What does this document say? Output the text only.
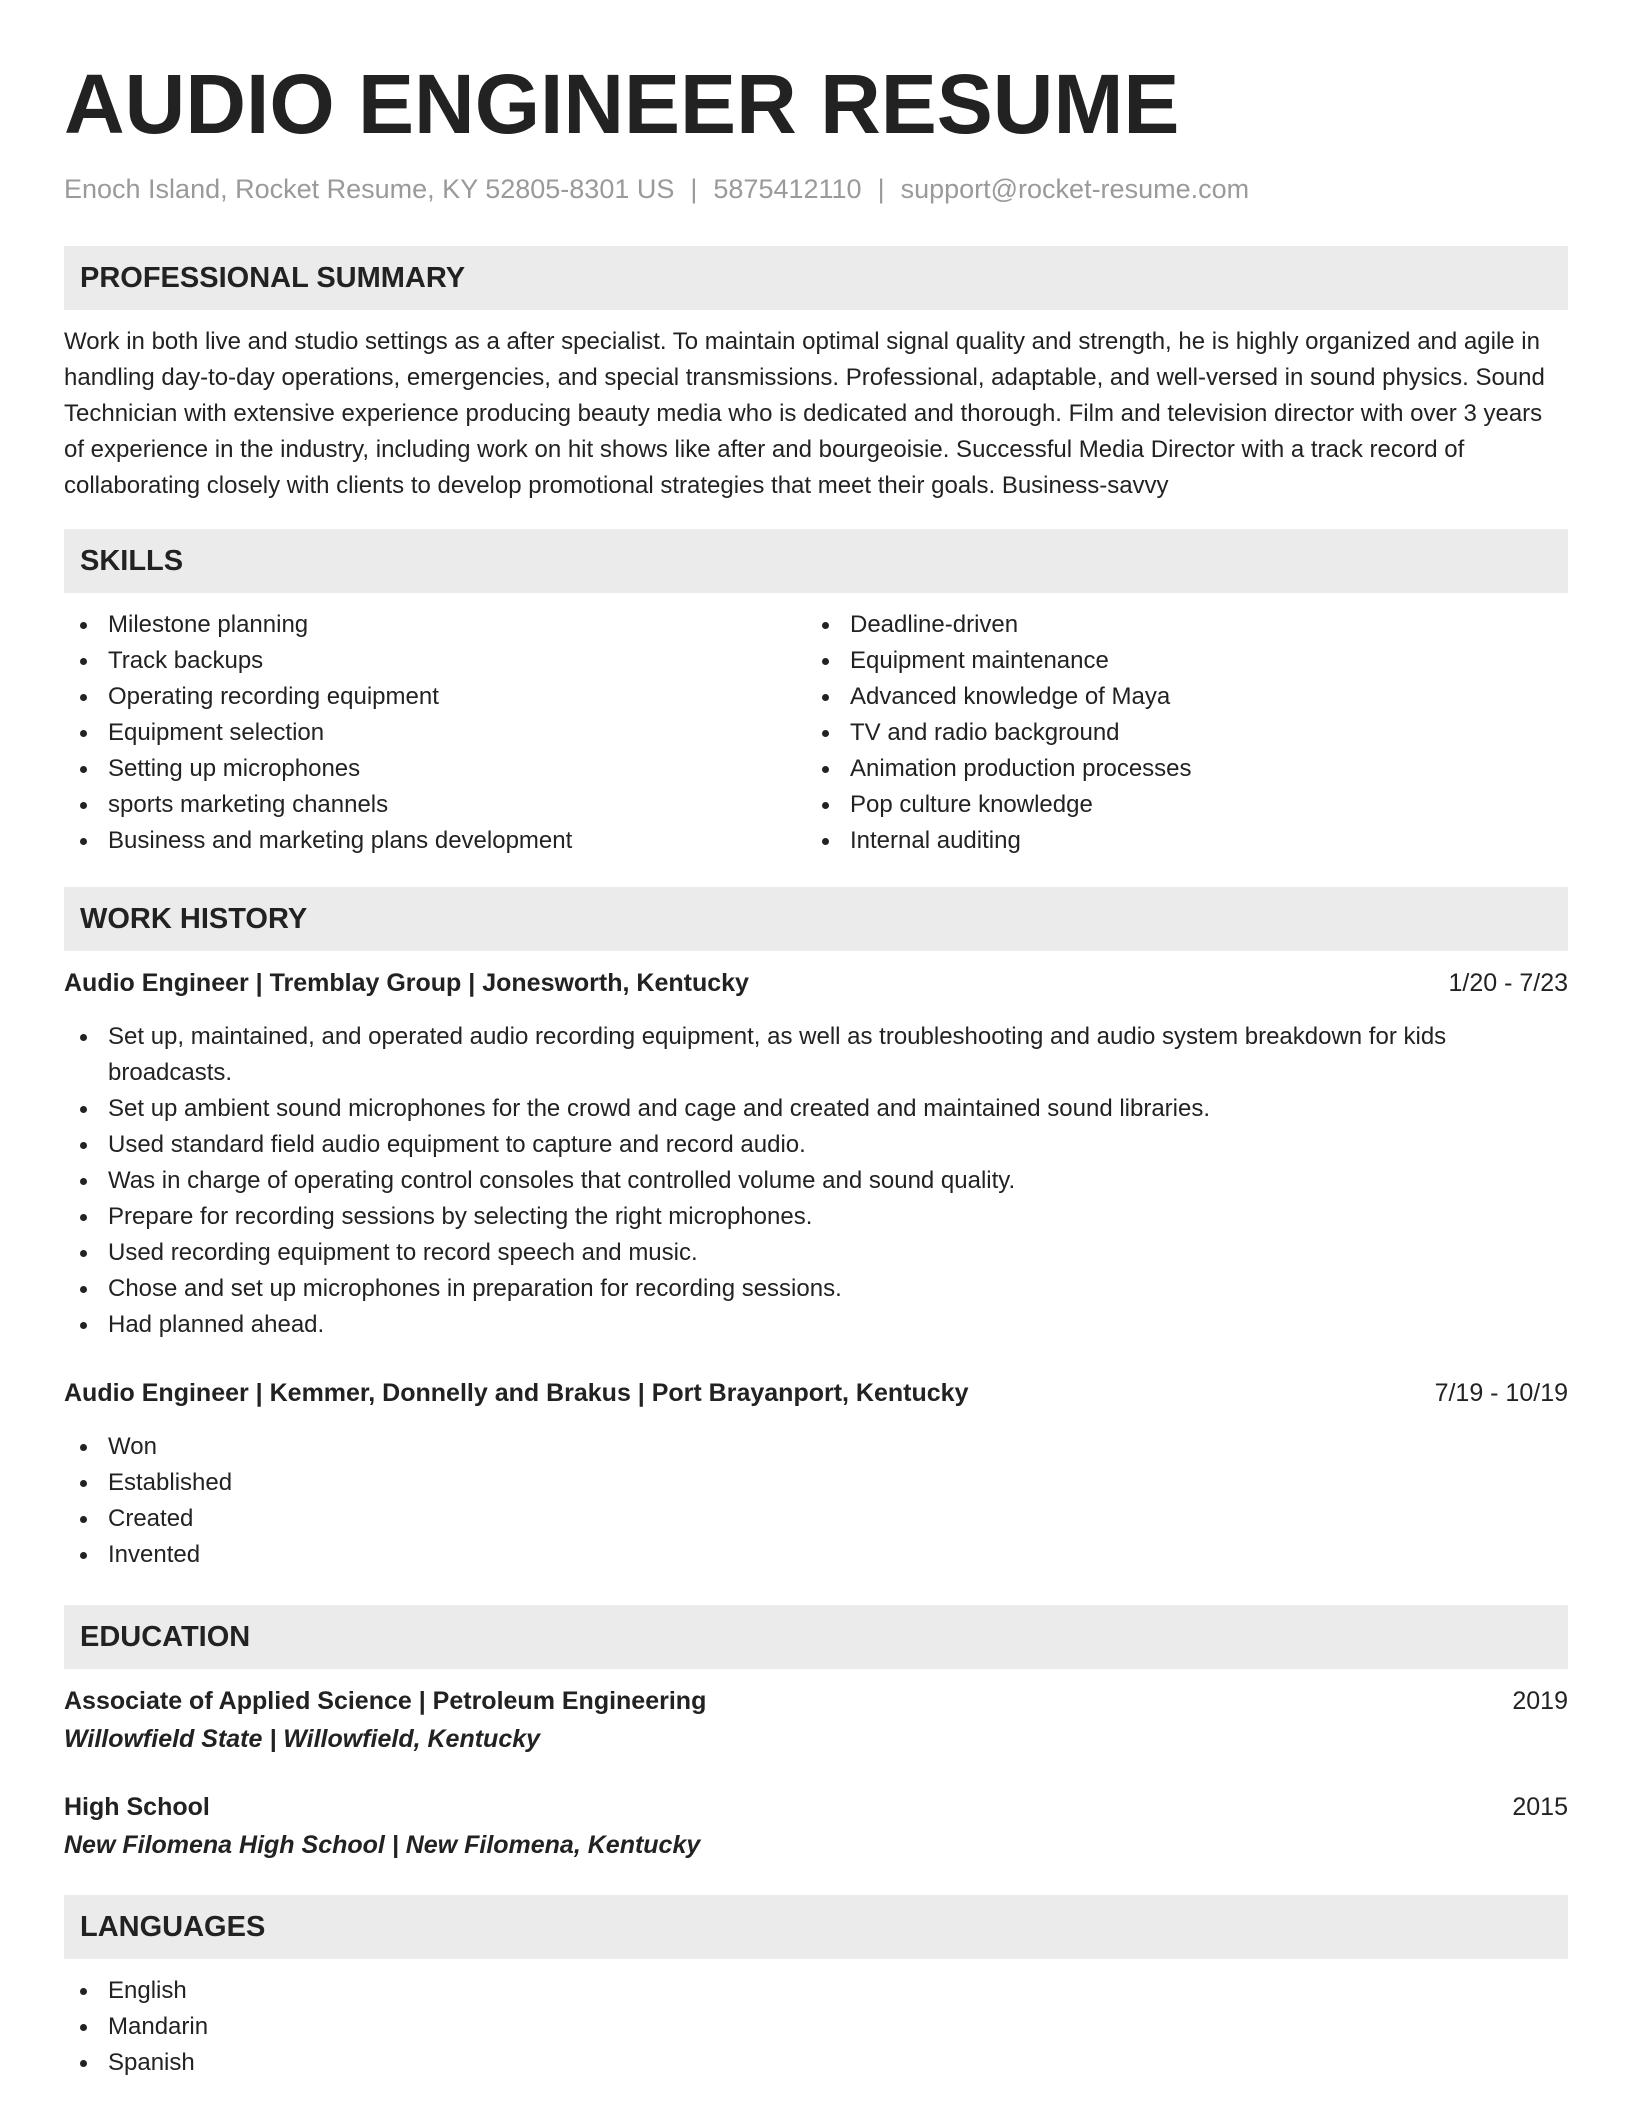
AUDIO ENGINEER RESUME
Enoch Island, Rocket Resume, KY 52805-8301 US | 5875412110 | support@rocket-resume.com
PROFESSIONAL SUMMARY

Work in both live and studio settings as a after specialist. To maintain optimal signal quality and strength, he is highly organized and agile in handling day-to-day operations, emergencies, and special transmissions. Professional, adaptable, and well-versed in sound physics. Sound Technician with extensive experience producing beauty media who is dedicated and thorough. Film and television director with over 3 years of experience in the industry, including work on hit shows like after and bourgeoisie. Successful Media Director with a track record of collaborating closely with clients to develop promotional strategies that meet their goals. Business-savvy

SKILLS
Milestone planning
Track backups
Operating recording equipment
Equipment selection
Setting up microphones
sports marketing channels
Business and marketing plans development
Deadline-driven
Equipment maintenance
Advanced knowledge of Maya
TV and radio background
Animation production processes
Pop culture knowledge
Internal auditing
WORK HISTORY
Audio Engineer | Tremblay Group | Jonesworth, Kentucky	1/20 - 7/23
Set up, maintained, and operated audio recording equipment, as well as troubleshooting and audio system breakdown for kids broadcasts.
Set up ambient sound microphones for the crowd and cage and created and maintained sound libraries.
Used standard field audio equipment to capture and record audio.
Was in charge of operating control consoles that controlled volume and sound quality.
Prepare for recording sessions by selecting the right microphones.
Used recording equipment to record speech and music.
Chose and set up microphones in preparation for recording sessions.
Had planned ahead.
Audio Engineer | Kemmer, Donnelly and Brakus | Port Brayanport, Kentucky	7/19 - 10/19
Won
Established
Created
Invented
EDUCATION
Associate of Applied Science | Petroleum Engineering	2019
Willowfield State | Willowfield, Kentucky
High School	2015
New Filomena High School | New Filomena, Kentucky
LANGUAGES
English
Mandarin
Spanish
